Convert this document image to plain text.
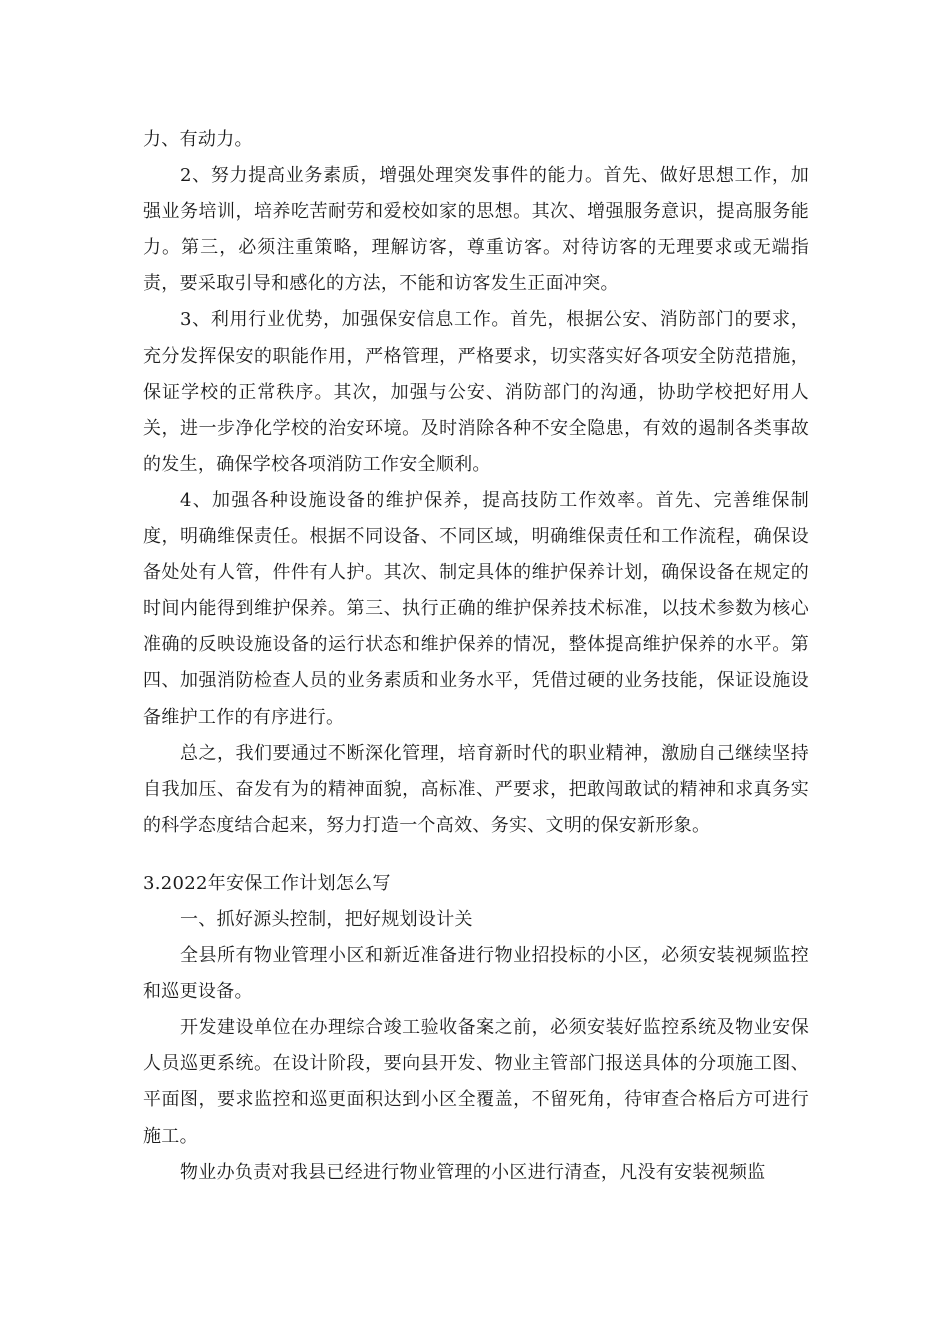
力、有动力。

2、努力提高业务素质，增强处理突发事件的能力。首先、做好思想工作，加强业务培训，培养吃苦耐劳和爱校如家的思想。其次、增强服务意识，提高服务能力。第三，必须注重策略，理解访客，尊重访客。对待访客的无理要求或无端指责，要采取引导和感化的方法，不能和访客发生正面冲突。

3、利用行业优势，加强保安信息工作。首先，根据公安、消防部门的要求，充分发挥保安的职能作用，严格管理，严格要求，切实落实好各项安全防范措施，保证学校的正常秩序。其次，加强与公安、消防部门的沟通，协助学校把好用人关，进一步净化学校的治安环境。及时消除各种不安全隐患，有效的遏制各类事故的发生，确保学校各项消防工作安全顺利。

4、加强各种设施设备的维护保养，提高技防工作效率。首先、完善维保制度，明确维保责任。根据不同设备、不同区域，明确维保责任和工作流程，确保设备处处有人管，件件有人护。其次、制定具体的维护保养计划，确保设备在规定的时间内能得到维护保养。第三、执行正确的维护保养技术标准，以技术参数为核心准确的反映设施设备的运行状态和维护保养的情况，整体提高维护保养的水平。第四、加强消防检查人员的业务素质和业务水平，凭借过硬的业务技能，保证设施设备维护工作的有序进行。

总之，我们要通过不断深化管理，培育新时代的职业精神，激励自己继续坚持自我加压、奋发有为的精神面貌，高标准、严要求，把敢闯敢试的精神和求真务实的科学态度结合起来，努力打造一个高效、务实、文明的保安新形象。

3.2022年安保工作计划怎么写

一、抓好源头控制，把好规划设计关

全县所有物业管理小区和新近准备进行物业招投标的小区，必须安装视频监控和巡更设备。

开发建设单位在办理综合竣工验收备案之前，必须安装好监控系统及物业安保人员巡更系统。在设计阶段，要向县开发、物业主管部门报送具体的分项施工图、平面图，要求监控和巡更面积达到小区全覆盖，不留死角，待审查合格后方可进行施工。

物业办负责对我县已经进行物业管理的小区进行清查，凡没有安装视频监
